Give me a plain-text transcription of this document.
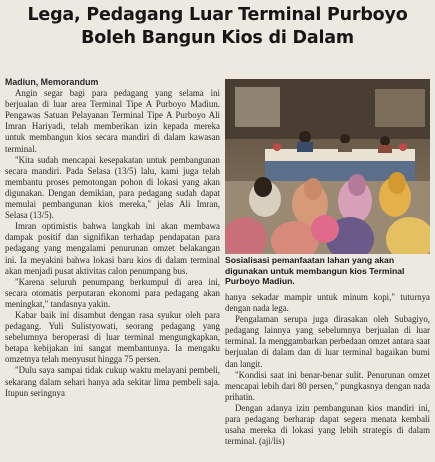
Lega, Pedagang Luar Terminal Purboyo
Boleh Bangun Kios di Dalam

Madiun, Memorandum

Angin segar bagi para pedagang yang selama ini berjualan di luar area Terminal Tipe A Purboyo Madiun. Pengawas Satuan Pelayanan Terminal Tipe A Purboyo Ali Imran Hariyadi, telah memberikan izin kepada mereka untuk membangun kios secara mandiri di dalam kawasan terminal.

"Kita sudah mencapai kesepakatan untuk pembangunan secara mandiri. Pada Selasa (13/5) lalu, kami juga telah membantu proses pemotongan pohon di lokasi yang akan digunakan. Dengan demikian, para pedagang sudah dapat memulai pembangunan kios mereka," jelas Ali Imran, Selasa (13/5).

Imran optimistis bahwa langkah ini akan membawa dampak positif dan signifikan terhadap pendapatan para pedagang yang mengalami penurunan omzet belakangan ini. Ia meyakini bahwa lokasi baru kios di dalam terminal akan menjadi pusat aktivitas calon penumpang bus.

"Karena seluruh penumpang berkumpul di area ini, secara otomatis perputaran ekonomi para pedagang akan meningkat," tandasnya yakin.

Kabar baik ini disambut dengan rasa syukur oleh para pedagang. Yuli Sulistyowati, seorang pedagang yang sebelumnya beroperasi di luar terminal mengungkapkan, betapa kebijakan ini sangat membantunya. Ia mengaku omzetnya telah menyusut hingga 75 persen.

"Dulu saya sampai tidak cukup waktu melayani pembeli, sekarang dalam sehari hanya ada sekitar lima pembeli saja. Itupun seringnya

Sosialisasi pemanfaatan lahan yang akan digunakan untuk membangun kios Terminal Purboyo Madiun.

hanya sekadar mampir untuk minum kopi," tuturnya dengan nada lega.

Pengalaman serupa juga dirasakan oleh Subagiyo, pedagang lainnya yang sebelumnya berjualan di luar terminal. Ia menggambarkan perbedaan omzet antara saat berjualan di dalam dan di luar terminal bagaikan bumi dan langit.

"Kondisi saat ini benar-benar sulit. Penurunan omzet mencapai lebih dari 80 persen," pungkasnya dengan nada prihatin.

Dengan adanya izin pembangunan kios mandiri ini, para pedagang berharap dapat segera menata kembali usaha mereka di lokasi yang lebih strategis di dalam terminal. (aji/lis)
